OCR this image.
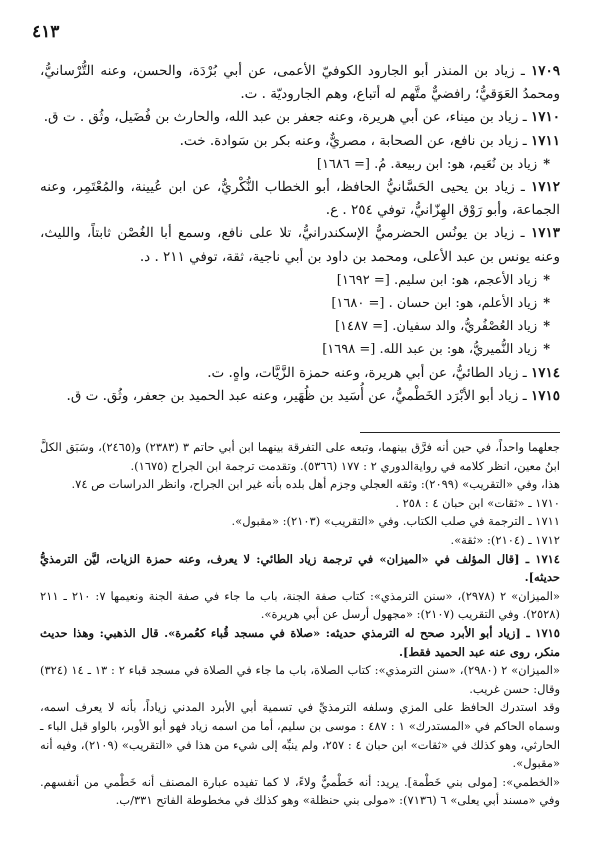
٤١٣

١٧٠٩ ـ زياد بن المنذر أبو الجارود الكوفيّ الأعمى، عن أبي بُرْدَة، والحسن، وعنه التُّرْسانيُّ، ومحمدُ العَوَقيُّ؛ رافضيٌّ متَّهم له أتباع، وهم الجاروديّة . ت.

١٧١٠ ـ زياد بن ميناء، عن أبي هريرة، وعنه جعفر بن عبد الله، والحارث بن فُضَيل، وثُق . ت ق.

١٧١١ ـ زياد بن نافع، عن الصحابة ، مصريٌّ، وعنه بكر بن سَوادة. خت.

*زياد بن نُعَيم، هو: ابن ربيعة. مُ. [= ١٦٨٦]

١٧١٢ ـ زياد بن يحيى الحَسَّانيُّ الحافظ، أبو الخطاب النُّكْريُّ، عن ابن عُيينة، والمُعْتَمِر، وعنه الجماعة، وأبو رَوْق الهِزّانيُّ، توفي ٢٥٤ . ع.

١٧١٣ ـ زياد بن يونُس الحضرميُّ الإسكندرانيُّ، تلا على نافع، وسمع أبا الغُصْن ثابتاً، والليث، وعنه يونس بن عبد الأعلى، ومحمد بن داود بن أبي ناجية، ثقة، توفي ٢١١ . د.

*زياد الأعجم، هو: ابن سليم. [= ١٦٩٢]

*زياد الأعلم، هو: ابن حسان . [= ١٦٨٠]

*زياد العُصْفُريُّ، والد سفيان. [= ١٤٨٧]

*زياد النُّميريُّ، هو: بن عبد الله. [= ١٦٩٨]

١٧١٤ ـ زياد الطائيُّ، عن أبي هريرة، وعنه حمزة الزَّيَّات، واهٍ. ت.

١٧١٥ ـ زياد أبو الأبْرَد الخَطْميُّ، عن أُسَيد بن ظُهَير، وعنه عبد الحميد بن جعفر، وثُق. ت ق.

جعلهما واحداً، في حين أنه فرَّق بينهما، وتبعه على التفرقة بينهما ابن أبي حاتم ٣ (٢٣٨٣) و(٢٤٦٥)، وسَبَق الكلَّ ابنُ معين، انظر كلامه في روايةالدوري ٢ : ١٧٧ (٥٣٦٦). وتقدمت ترجمة ابن الجراح (١٦٧٥).

هذا، وفي «التقريب» (٢٠٩٩): وثقه العجلي وجزم أهل بلده بأنه غير ابن الجراح، وانظر الدراسات ص ٧٤.

١٧١٠ ـ «ثقات» ابن حبان ٤ : ٢٥٨ .

١٧١١ ـ الترجمة في صلب الكتاب. وفي «التقريب» (٢١٠٣): «مقبول».

١٧١٢ ـ (٢١٠٤): «ثقة».

١٧١٤ ـ [قال المؤلف في «الميزان» في ترجمة زياد الطائي: لا يعرف، وعنه حمزة الزيات، ليَّن الترمذيُّ حديثه].

«الميزان» ٢ (٢٩٧٨)، «سنن الترمذي»: كتاب صفة الجنة، باب ما جاء في صفة الجنة ونعيمها ٧: ٢١٠ ـ ٢١١ (٢٥٢٨). وفي التقريب (٢١٠٧): «مجهول أرسل عن أبي هريرة».

١٧١٥ ـ [زياد أبو الأبرد صحح له الترمذي حديثه: «صلاة في مسجد قُباء كعُمرة». قال الذهبي: وهذا حديث منكر، روى عنه عبد الحميد فقط].

«الميزان» ٢ (٢٩٨٠)، «سنن الترمذي»: كتاب الصلاة، باب ما جاء في الصلاة في مسجد قباء ٢ : ١٣ ـ ١٤ (٣٢٤) وقال: حسن غريب.

وقد استدرك الحافظ على المزي وسلفه الترمذيِّ في تسمية أبي الأبرد المدني زياداً، بأنه لا يعرف اسمه، وسماه الحاكم في «المستدرك» ١ : ٤٨٧ : موسى بن سليم، أما من اسمه زياد فهو أبو الأوبر، بالواو قبل الباء ـ الحارثي، وهو كذلك في «ثقات» ابن حبان ٤ : ٢٥٧، ولم ينبِّه إلى شيء من هذا في «التقريب» (٢١٠٩)، وفيه أنه «مقبول».

«الخطمي»: [مولى بني خَطْمة]. يريد: أنه خَطْميٌّ ولاءً، لا كما تفيده عبارة المصنف أنه خَطْمي من أنفسهم. وفي «مسند أبي يعلى» ٦ (٧١٣٦): «مولى بني حنظلة» وهو كذلك في مخطوطة الفاتح ٣٣١/ب.
